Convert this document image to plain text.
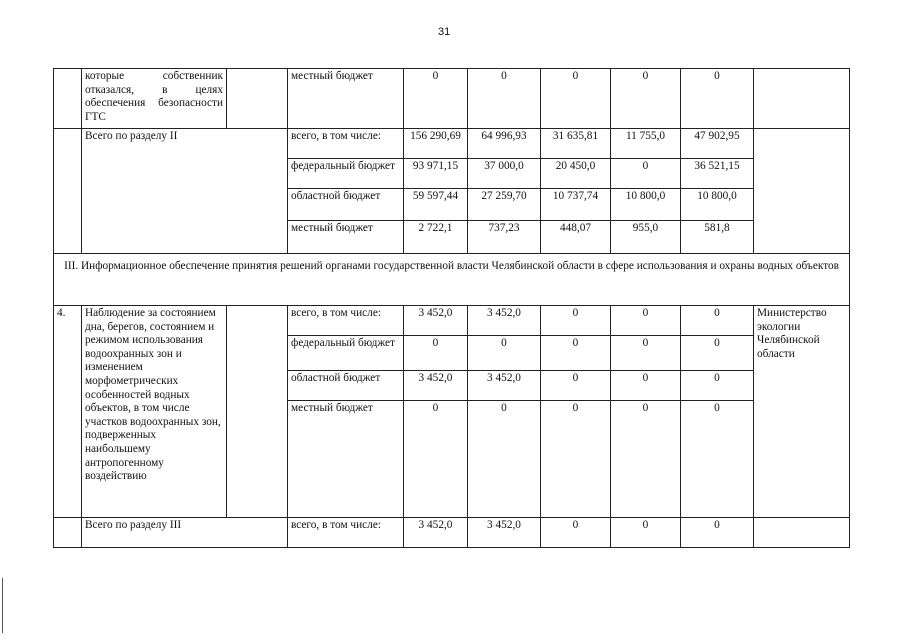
31
	которые собственник отказался, в целях обеспечения безопасности ГТС		местный бюджет	0	0	0	0	0	
	Всего по разделу II		всего, в том числе:	156 290,69	64 996,93	31 635,81	11 755,0	47 902,95	
			федеральный бюджет	93 971,15	37 000,0	20 450,0	0	36 521,15	
			областной бюджет	59 597,44	27 259,70	10 737,74	10 800,0	10 800,0	
			местный бюджет	2 722,1	737,23	448,07	955,0	581,8	
III. Информационное обеспечение принятия решений органами государственной власти Челябинской области в сфере использования и охраны водных объектов									
4.	Наблюдение за состоянием дна, берегов, состоянием и режимом использования водоохранных зон и изменением морфометрических особенностей водных объектов, в том числе участков водоохранных зон, подверженных наибольшему антропогенному воздействию		всего, в том числе:	3 452,0	3 452,0	0	0	0	Министерство экологии Челябинской области
			федеральный бюджет	0	0	0	0	0	
			областной бюджет	3 452,0	3 452,0	0	0	0	
			местный бюджет	0	0	0	0	0	
	Всего по разделу III		всего, в том числе:	3 452,0	3 452,0	0	0	0	
